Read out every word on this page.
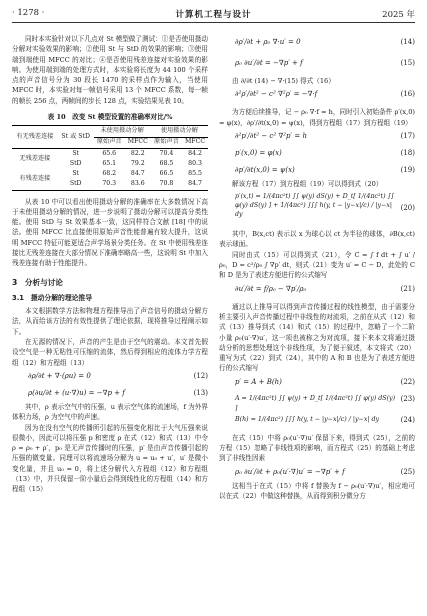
· 1278 ·	计算机工程与设计	2025 年

同时本实验针对以下几点对 St 模型做了测试：①是否使用摄动分解对实验效果的影响；②使用 St 与 StD 的效果的影响；③使用端到端使用 MFCC 的对比；④是否使用残差连接对实验效果的影响。为使用端到端的处理方式时，本实验将长度为 44 100 个采样点的声音信号分为 30 段长 1470 的采样点作为输入，当使用 MFCC 时，本实验对每一帧信号采用 13 个 MFCC 系数，每一帧的帧长 256 点，两帧间的步长 128 点，实验结果见表 10。

表 10　改变 St 模型设置的准确率对比/%
有无残差连接	St 或 StD	未使用摄动分解		使用摄动分解	
		原始声音	MFCC	原始声音	MFCC
无残差连接	St	65.6	82.2	70.4	84.2
	StD	65.1	79.2	68.5	80.3
有残差连接	St	68.2	84.7	66.5	85.5
	StD	70.3	83.6	70.8	84.7

从表 10 中可以看出使用摄动分解的准确率在大多数情况下高于未使用摄动分解的情况，进一步说明了摄动分解可以提高分类性能。使用 StD 与 St 效果基本一致，这同样符合文献 [18] 中的说法。使用 MFCC 比直接使用原始声音性能普遍有较大提升，这说明 MFCC 特征可能更适合声学场景分类任务。在 St 中使用残差连接比无残差连接在大部分情况下准确率略高一些，这说明 St 中加入残差连接有助于性能提升。

3　分析与讨论
3.1　摄动分解的理论推导

本文根据数学方法和物理方程推导出了声音信号的摄动分解方法，从而给该方法的有效性提供了理论依据，现将推导过程阐示如下。

在无源的情况下，声音的产生是由于空气的震动。本文首先假设空气是一种无粘性可压缩的流体，然后得到相应的流体力学方程组（12）和方程组（13）

∂ρ/∂t + ∇·(ρu) = 0	(12)
ρ(∂u/∂t + (u·∇)u) = −∇p + f	(13)

其中，ρ 表示空气中的压强，u 表示空气体的流速场，f 为外界体积力场，ρ 为空气中的声速。

因为在没有空气的传播所引起的压强变化相比于大气压强来说很微小，因此可以将压强 p 和密度 ρ 在式（12）和式（13）中令 ρ = ρ₀ + ρ′，p₀ 是无声音传播时的压强，p′ 是由声音传播引起的压强的微变量。同理可以将流速场分解为 u = u₀ + u′，u′ 是微小变化量，并且 u₀ = 0，将上述分解代入方程组（12）和方程组（13）中，并只保留一阶小量后会得到线性化的方程组（14）和方程组（15）

∂ρ′/∂t + ρ₀ ∇·u′ = 0	(14)
ρ₀ ∂u′/∂t = −∇p′ + f	(15)

由 ∂/∂t (14) − ∇·(15) 得式（16）

∂²ρ′/∂t² − c² ∇²ρ′ = −∇·f	(16)

为方便后续推导，记 − ρ₀ ∇·f = h，同时引入初始条件 ρ′(x,0) = φ(x)，∂ρ′/∂t(x,0) = ψ(x)，得到方程组（17）到方程组（19）

∂²p′/∂t² − c² ∇²p′ = h	(17)
p′(x,0) = φ(x)	(18)
∂p′/∂t(x,0) = ψ(x)	(19)

解该方程（17）到方程组（19）可以得到式（20）

p′(x,t) = 1/(4πc²t) ∫∫ ψ(y) dS(y) + D_t[ 1/(4πc²t) ∫∫ φ(y) dS(y) ] + 1/(4πc²) ∫∫∫ h(y, t − |y−x|/c) / |y−x| dy
(20)

其中，B(x,ct) 表示以 x 为球心以 ct 为半径的球体，∂B(x,ct) 表示球面。

同时由式（15）可以得到式（21），令 C = ∫ f dt + ∫ u′ / ρ₀，D = c²/ρ₀ ∫ ∇p′ dt，则式（21）变为 u′ = C − D，此处的 C 和 D 是为了表述方便进行的公式缩写

∂u′/∂t = f/ρ₀ − ∇p′/ρ₀	(21)

通过以上推导可以得到声音传播过程的线性模型，由于需要分析主要引入声音传播过程中非线性的对流项，之前在从式（12）和式（13）推导到式（14）和式（15）的过程中，忽略了一个二阶小量 ρ₀(u′·∇)u′，这一项也被称之为对流项，接下来本文将通过摄动分析的思想处理这个非线性项，为了便于叙述，本文将式（20）重写为式（22）到式（24），其中的 A 和 B 也是为了表述方便进行的公式缩写

p′ = A + B(h)	(22)
A = 1/(4πc²t) ∫∫ ψ(y) + D_t[ 1/(4πc²t) ∫∫ φ(y) dS(y) ]
(23)
B(h) = 1/(4πc²) ∫∫∫ h(y, t − |y−x|/c) / |y−x| dy	(24)

在式（15）中将 ρ₀(u′·∇)u′ 保留下来，得到式（25），之前的方程（15）忽略了非线性项的影响，而方程式（25）的基础上考虑到了非线性因素

ρ₀ ∂u′/∂t + ρ₀(u′·∇)u′ = −∇p′ + f	(25)

这相当于在式（15）中将 f 替换为 f − ρ₀(u′·∇)u′，相应地可以在式（22）中做这种替换，从而得到积分微分方
